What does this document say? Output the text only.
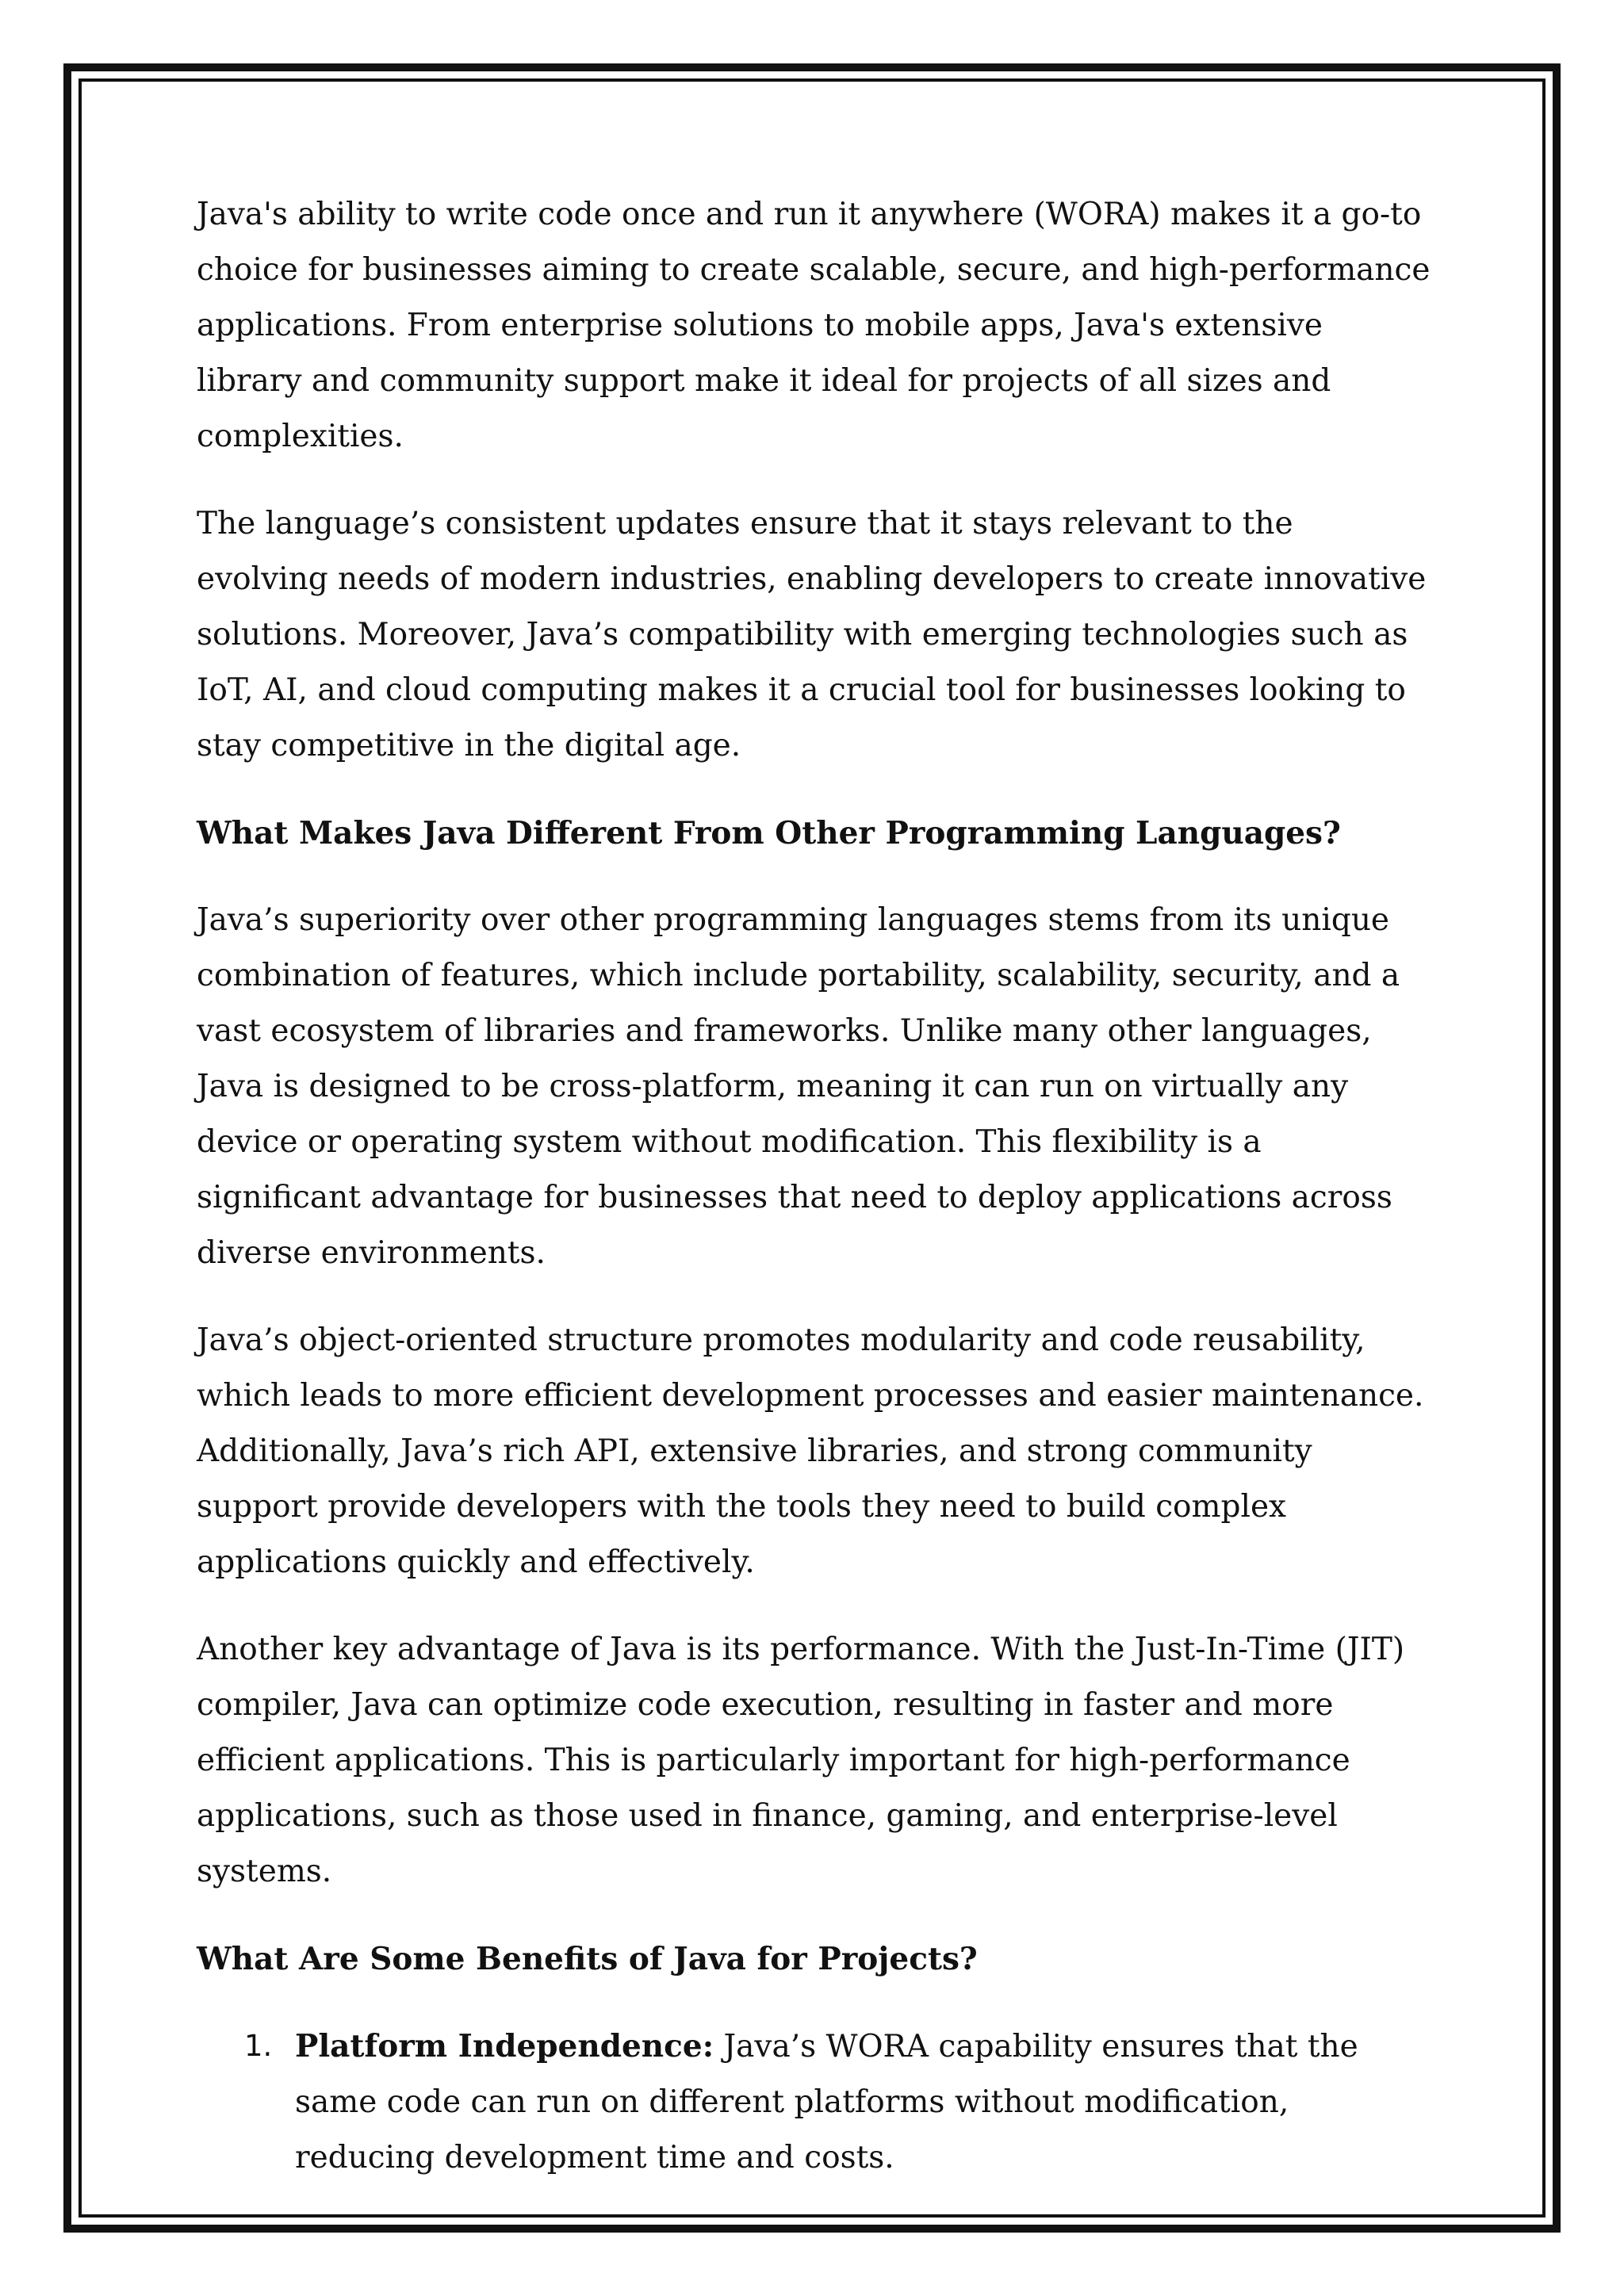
Java's ability to write code once and run it anywhere (WORA) makes it a go-to choice for businesses aiming to create scalable, secure, and high-performance applications. From enterprise solutions to mobile apps, Java's extensive library and community support make it ideal for projects of all sizes and complexities.

The language’s consistent updates ensure that it stays relevant to the evolving needs of modern industries, enabling developers to create innovative solutions. Moreover, Java’s compatibility with emerging technologies such as IoT, AI, and cloud computing makes it a crucial tool for businesses looking to stay competitive in the digital age.

What Makes Java Different From Other Programming Languages?

Java’s superiority over other programming languages stems from its unique combination of features, which include portability, scalability, security, and a vast ecosystem of libraries and frameworks. Unlike many other languages, Java is designed to be cross-platform, meaning it can run on virtually any device or operating system without modification. This flexibility is a significant advantage for businesses that need to deploy applications across diverse environments.

Java’s object-oriented structure promotes modularity and code reusability, which leads to more efficient development processes and easier maintenance. Additionally, Java’s rich API, extensive libraries, and strong community support provide developers with the tools they need to build complex applications quickly and effectively.

Another key advantage of Java is its performance. With the Just-In-Time (JIT) compiler, Java can optimize code execution, resulting in faster and more efficient applications. This is particularly important for high-performance applications, such as those used in finance, gaming, and enterprise-level systems.

What Are Some Benefits of Java for Projects?
1. Platform Independence: Java’s WORA capability ensures that the same code can run on different platforms without modification, reducing development time and costs.
